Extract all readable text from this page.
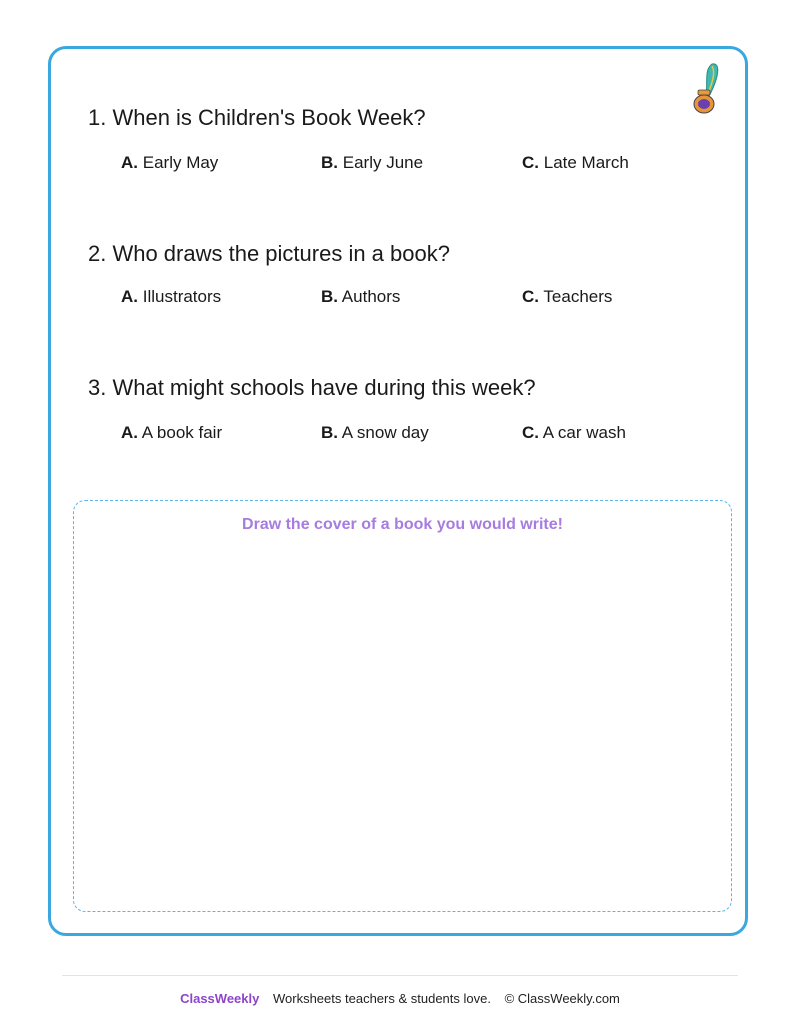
1. When is Children's Book Week?

A. Early May	B. Early June	C. Late March

2. Who draws the pictures in a book?

A. Illustrators	B. Authors	C. Teachers

3. What might schools have during this week?

A. A book fair	B. A snow day	C. A car wash
Draw the cover of a book you would write!
ClassWeekly Worksheets teachers & students love. © ClassWeekly.com
